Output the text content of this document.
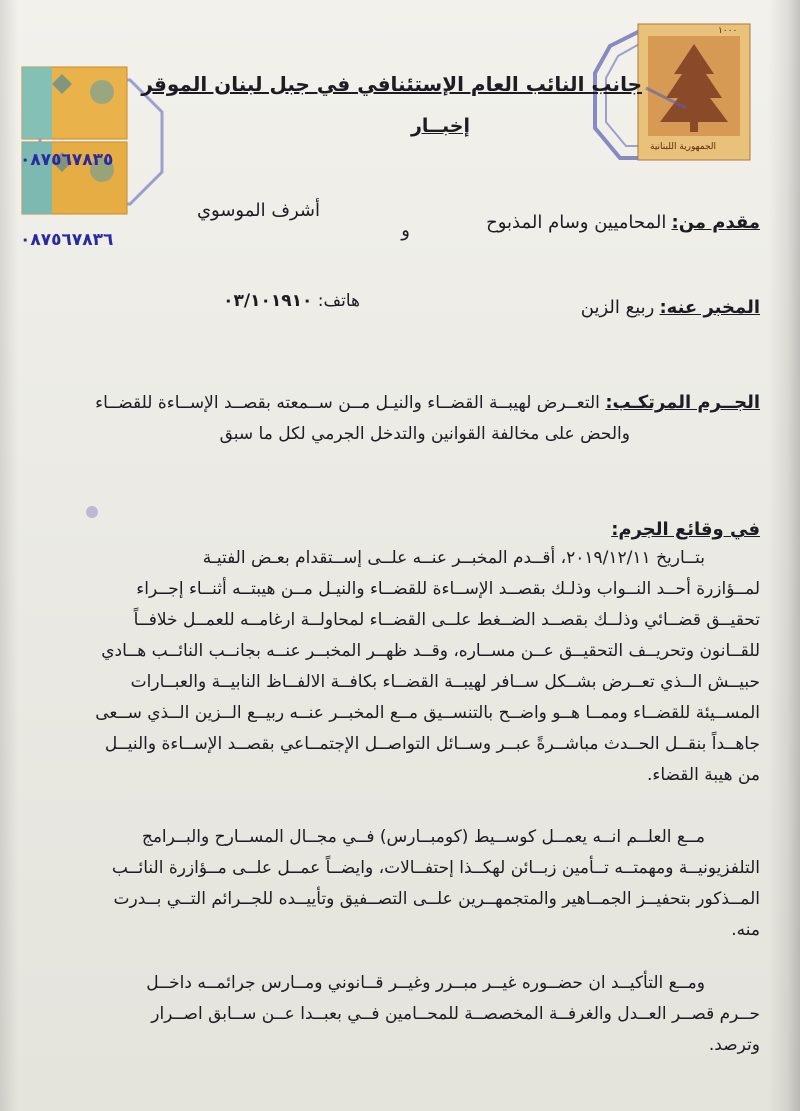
٠٨٧٥٦٧٨٣٥
٠٨٧٥٦٧٨٣٦
١٠٠٠
الجمهورية اللبنانية
جانب النائب العام الإستئنافي في جبل لبنان الموقر
إخبــار
مقدم من: المحاميين وسام المذبوح
و
أشرف الموسوي
المخبر عنه: ربيع الزين
هاتف: ٠٣/١٠١٩١٠
الجــرم المرتكـب: التعــرض لهيبــة القضــاء والنيـل مــن ســمعته بقصــد الإســاءة للقضــاء
والحض على مخالفة القوانين والتدخل الجرمي لكل ما سبق
في وقائع الجرم:
بتــاريخ ٢٠١٩/١٢/١١، أقــدم المخبــر عنــه علــى إســتقدام بعـض الفتيـة
لمــؤازرة أحــد النــواب وذلـك بقصــد الإســاءة للقضــاء والنيـل مــن هيبتــه أثنــاء إجــراء
تحقيــق قضــائي وذلــك بقصــد الضــغط علــى القضــاء لمحاولــة ارغامــه للعمــل خلافــاً
للقــانون وتحريــف التحقيــق عــن مســاره، وقــد ظهــر المخبــر عنــه بجانــب النائــب هــادي
حبيــش الــذي تعــرض بشــكل ســافر لهيبــة القضــاء بكافــة الالفــاظ النابيــة والعبــارات
المســيئة للقضــاء وممــا هــو واضــح بالتنســيق مــع المخبــر عنــه ربيــع الــزين الــذي ســعى
جاهــداً بنقــل الحــدث مباشــرةً عبــر وســائل التواصــل الإجتمــاعي بقصــد الإســاءة والنيــل
من هيبة القضاء.
مــع العلــم انــه يعمــل كوســيط (كومبــارس) فــي مجــال المســارح والبــرامج
التلفزيونيــة ومهمتــه تــأمين زبــائن لهكــذا إحتفــالات، وايضــاً عمــل علــى مــؤازرة النائــب
المــذكور بتحفيــز الجمــاهير والمتجمهــرين علــى التصــفيق وتأييــده للجــرائم التــي بــدرت
منه.
ومــع التأكيــد ان حضــوره غيــر مبــرر وغيــر قــانوني ومــارس جرائمــه داخــل
حــرم قصــر العــدل والغرفــة المخصصــة للمحــامين فــي بعبــدا عــن ســابق اصــرار
وترصد.
